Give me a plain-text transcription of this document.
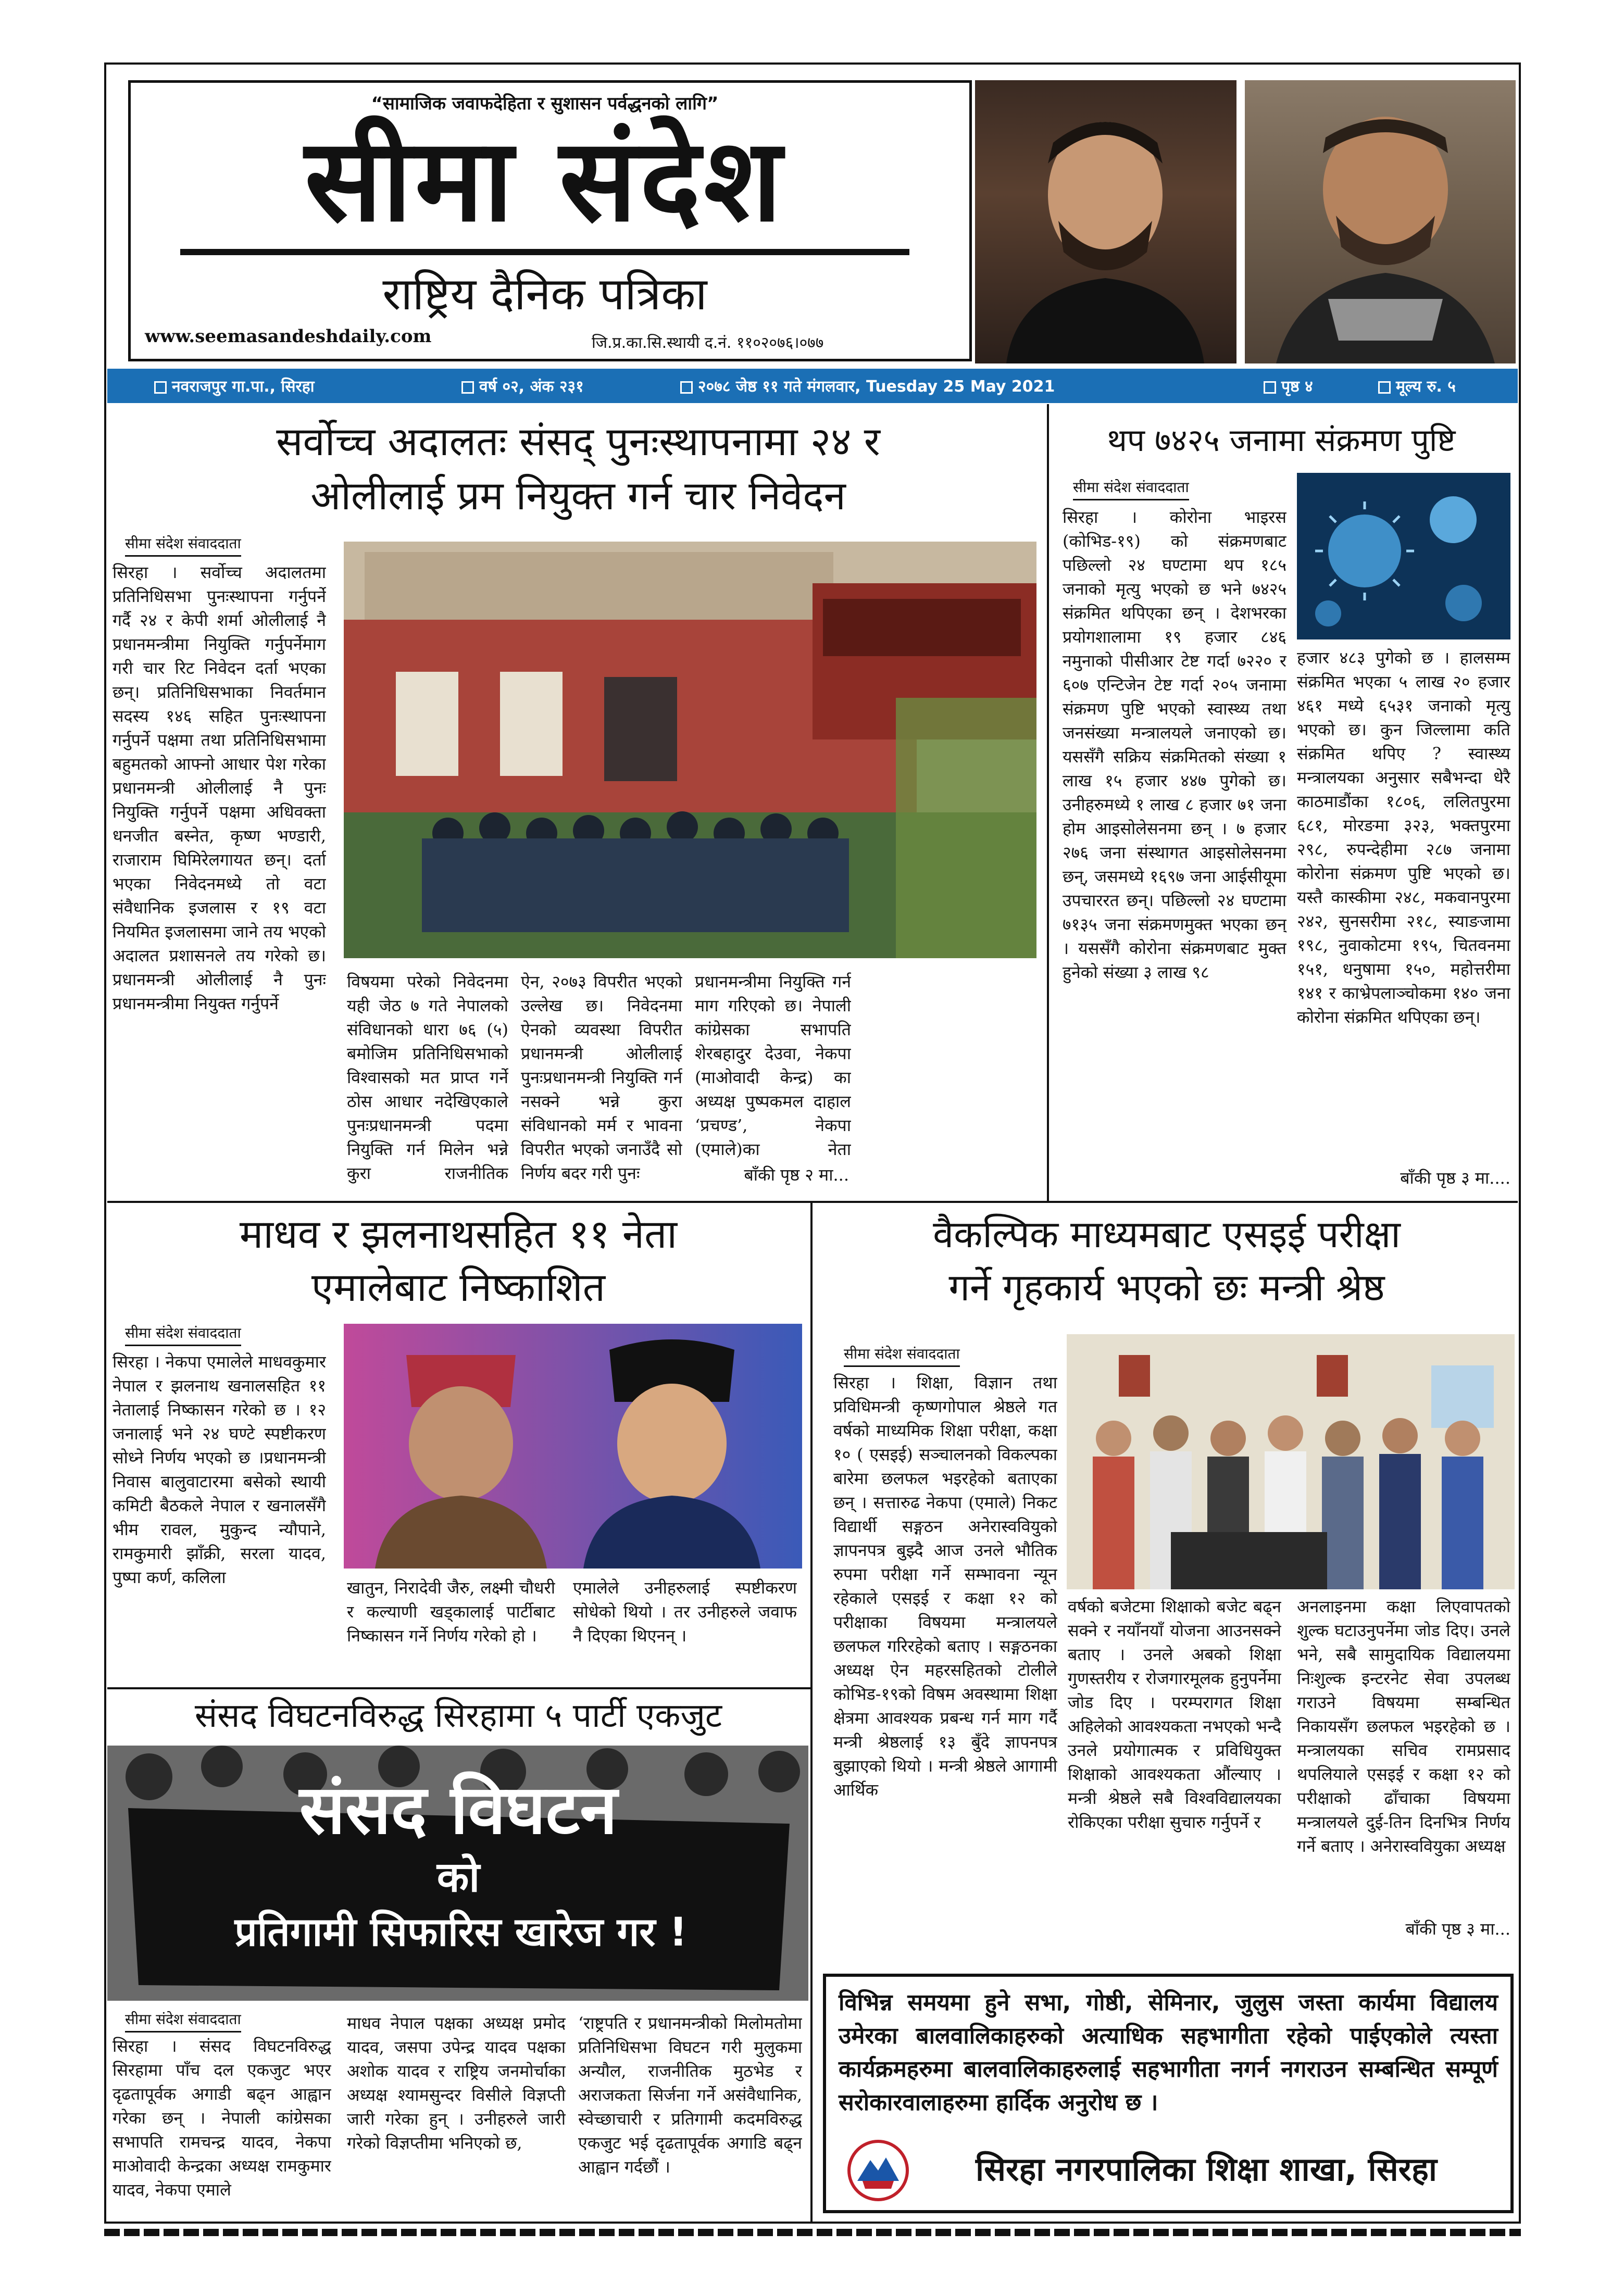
“सामाजिक जवाफदेहिता र सुशासन पर्वद्धनको लागि”
सीमा संदेश
राष्ट्रिय दैनिक पत्रिका
www.seemasandeshdaily.com	जि.प्र.का.सि.स्थायी द.नं. ११०२०७६।०७७
नवराजपुर गा.पा., सिरहा	वर्ष ०२, अंक २३१	२०७८ जेष्ठ ११ गते मंगलवार, Tuesday 25 May 2021	पृष्ठ ४	मूल्य रु. ५
सर्वोच्च अदालतः संसद् पुनःस्थापनामा २४ र
ओलीलाई प्रम नियुक्त गर्न चार निवेदन
सीमा संदेश संवाददाता
सिरहा । सर्वोच्च अदालतमा प्रतिनिधिसभा पुनःस्थापना गर्नुपर्ने गर्दै २४ र केपी शर्मा ओलीलाई नै प्रधानमन्त्रीमा नियुक्ति गर्नुपर्नेमाग गरी चार रिट निवेदन दर्ता भएका छन्। प्रतिनिधिसभाका निवर्तमान सदस्य १४६ सहित पुनःस्थापना गर्नुपर्ने पक्षमा तथा प्रतिनिधिसभामा बहुमतको आफ्नो आधार पेश गरेका प्रधानमन्त्री ओलीलाई नै पुनः नियुक्ति गर्नुपर्ने पक्षमा अधिवक्ता धनजीत बस्नेत, कृष्ण भण्डारी, राजाराम घिमिरेलगायत छन्। दर्ता भएका निवेदनमध्ये तो वटा संवैधानिक इजलास र १९ वटा नियमित इजलासमा जाने तय भएको अदालत प्रशासनले तय गरेको छ। प्रधानमन्त्री ओलीलाई नै पुनः प्रधानमन्त्रीमा नियुक्त गर्नुपर्ने
विषयमा परेको निवेदनमा यही जेठ ७ गते नेपालको संविधानको धारा ७६ (५) बमोजिम प्रतिनिधिसभाको विश्वासको मत प्राप्त गर्ने ठोस आधार नदेखिएकाले पुनःप्रधानमन्त्री पदमा नियुक्ति गर्न मिलेन भन्ने कुरा राजनीतिक
ऐन, २०७३ विपरीत भएको उल्लेख छ। निवेदनमा ऐनको व्यवस्था विपरीत प्रधानमन्त्री ओलीलाई पुनःप्रधानमन्त्री नियुक्ति गर्न नसक्ने भन्ने कुरा संविधानको मर्म र भावना विपरीत भएको जनाउँदै सो निर्णय बदर गरी पुनः
प्रधानमन्त्रीमा नियुक्ति गर्न माग गरिएको छ। नेपाली कांग्रेसका सभापति शेरबहादुर देउवा, नेकपा (माओवादी केन्द्र) का अध्यक्ष पुष्पकमल दाहाल ‘प्रचण्ड’, नेकपा (एमाले)का नेता
बाँकी पृष्ठ २ मा...
थप ७४२५ जनामा संक्रमण पुष्टि
सीमा संदेश संवाददाता
सिरहा । कोरोना भाइरस (कोभिड-१९) को संक्रमणबाट पछिल्लो २४ घण्टामा थप १८५ जनाको मृत्यु भएको छ भने ७४२५ संक्रमित थपिएका छन् । देशभरका प्रयोगशालामा १९ हजार ८४६ नमुनाको पीसीआर टेष्ट गर्दा ७२२० र ६०७ एन्टिजेन टेष्ट गर्दा २०५ जनामा संक्रमण पुष्टि भएको स्वास्थ्य तथा जनसंख्या मन्त्रालयले जनाएको छ। यससँगै सक्रिय संक्रमितको संख्या १ लाख १५ हजार ४४७ पुगेको छ। उनीहरुमध्ये १ लाख ८ हजार ७१ जना होम आइसोलेसनमा छन् । ७ हजार २७६ जना संस्थागत आइसोलेसनमा छन्, जसमध्ये १६९७ जना आईसीयूमा उपचाररत छन्। पछिल्लो २४ घण्टामा ७१३५ जना संक्रमणमुक्त भएका छन् । यससँगै कोरोना संक्रमणबाट मुक्त हुनेको संख्या ३ लाख ९८
हजार ४८३ पुगेको छ । हालसम्म संक्रमित भएका ५ लाख २० हजार ४६१ मध्ये ६५३१ जनाको मृत्यु भएको छ। कुन जिल्लामा कति संक्रमित थपिए ? स्वास्थ्य मन्त्रालयका अनुसार सबैभन्दा धेरै काठमाडौंका १८०६, ललितपुरमा ६८१, मोरङमा ३२३, भक्तपुरमा २९८, रुपन्देहीमा २८७ जनामा कोरोना संक्रमण पुष्टि भएको छ। यस्तै कास्कीमा २४८, मकवानपुरमा २४२, सुनसरीमा २१८, स्याङजामा १९८, नुवाकोटमा १९५, चितवनमा १५१, धनुषामा १५०, महोत्तरीमा १४१ र काभ्रेपलाञ्चोकमा १४० जना कोरोना संक्रमित थपिएका छन्।
बाँकी पृष्ठ ३ मा....
माधव र झलनाथसहित ११ नेता
एमालेबाट निष्काशित
सीमा संदेश संवाददाता
सिरहा । नेकपा एमालेले माधवकुमार नेपाल र झलनाथ खनालसहित ११ नेतालाई निष्कासन गरेको छ । १२ जनालाई भने २४ घण्टे स्पष्टीकरण सोध्ने निर्णय भएको छ ।प्रधानमन्त्री निवास बालुवाटारमा बसेको स्थायी कमिटी बैठकले नेपाल र खनालसँगै भीम रावल, मुकुन्द न्यौपाने, रामकुमारी झाँक्री, सरला यादव, पुष्पा कर्ण, कलिला
खातुन, निरादेवी जैरु, लक्ष्मी चौधरी र कल्याणी खड्कालाई पार्टीबाट निष्कासन गर्ने निर्णय गरेको हो ।
एमालेले उनीहरुलाई स्पष्टीकरण सोधेको थियो । तर उनीहरुले जवाफ नै दिएका थिएनन् ।
वैकल्पिक माध्यमबाट एसइई परीक्षा
गर्ने गृहकार्य भएको छः मन्त्री श्रेष्ठ
सीमा संदेश संवाददाता
सिरहा । शिक्षा, विज्ञान तथा प्रविधिमन्त्री कृष्णगोपाल श्रेष्ठले गत वर्षको माध्यमिक शिक्षा परीक्षा, कक्षा १० ( एसइई) सञ्चालनको विकल्पका बारेमा छलफल भइरहेको बताएका छन् । सत्तारुढ नेकपा (एमाले) निकट विद्यार्थी सङ्गठन अनेरास्ववियुको ज्ञापनपत्र बुझ्दै आज उनले भौतिक रुपमा परीक्षा गर्ने सम्भावना न्यून रहेकाले एसइई र कक्षा १२ को परीक्षाका विषयमा मन्त्रालयले छलफल गरिरहेको बताए । सङ्गठनका अध्यक्ष ऐन महरसहितको टोलीले कोभिड-१९को विषम अवस्थामा शिक्षा क्षेत्रमा आवश्यक प्रबन्ध गर्न माग गर्दै मन्त्री श्रेष्ठलाई १३ बुँदे ज्ञापनपत्र बुझाएको थियो । मन्त्री श्रेष्ठले आगामी आर्थिक
वर्षको बजेटमा शिक्षाको बजेट बढ्न सक्ने र नयाँनयाँ योजना आउनसक्ने बताए । उनले अबको शिक्षा गुणस्तरीय र रोजगारमूलक हुनुपर्नेमा जोड दिए । परम्परागत शिक्षा अहिलेको आवश्यकता नभएको भन्दै उनले प्रयोगात्मक र प्रविधियुक्त शिक्षाको आवश्यकता औंल्याए । मन्त्री श्रेष्ठले सबै विश्वविद्यालयका रोकिएका परीक्षा सुचारु गर्नुपर्ने र
अनलाइनमा कक्षा लिएवापतको शुल्क घटाउनुपर्नेमा जोड दिए। उनले भने, सबै सामुदायिक विद्यालयमा निःशुल्क इन्टरनेट सेवा उपलब्ध गराउने विषयमा सम्बन्धित निकायसँग छलफल भइरहेको छ । मन्त्रालयका सचिव रामप्रसाद थपलियाले एसइई र कक्षा १२ को परीक्षाको ढाँचाका विषयमा मन्त्रालयले दुई-तिन दिनभित्र निर्णय गर्ने बताए । अनेरास्ववियुका अध्यक्ष
बाँकी पृष्ठ ३ मा...
संसद विघटनविरुद्ध सिरहामा ५ पार्टी एकजुट
संसद विघटन
को
प्रतिगामी सिफारिस खारेज गर !
सीमा संदेश संवाददाता
सिरहा । संसद विघटनविरुद्ध सिरहामा पाँच दल एकजुट भएर दृढतापूर्वक अगाडी बढ्न आह्वान गरेका छन् । नेपाली कांग्रेसका सभापति रामचन्द्र यादव, नेकपा माओवादी केन्द्रका अध्यक्ष रामकुमार यादव, नेकपा एमाले
माधव नेपाल पक्षका अध्यक्ष प्रमोद यादव, जसपा उपेन्द्र यादव पक्षका अशोक यादव र राष्ट्रिय जनमोर्चाका अध्यक्ष श्यामसुन्दर विसीले विज्ञप्ती जारी गरेका हुन् । उनीहरुले जारी गरेको विज्ञप्तीमा भनिएको छ,
‘राष्ट्रपति र प्रधानमन्त्रीको मिलोमतोमा प्रतिनिधिसभा विघटन गरी मुलुकमा अन्यौल, राजनीतिक मुठभेड र अराजकता सिर्जना गर्ने असंवैधानिक, स्वेच्छाचारी र प्रतिगामी कदमविरुद्ध एकजुट भई दृढतापूर्वक अगाडि बढ्न आह्वान गर्दछौं ।
विभिन्न समयमा हुने सभा, गोष्ठी, सेमिनार, जुलुस जस्ता कार्यमा विद्यालय उमेरका बालवालिकाहरुको अत्याधिक सहभागीता रहेको पाईएकोले त्यस्ता कार्यक्रमहरुमा बालवालिकाहरुलाई सहभागीता नगर्न नगराउन सम्बन्धित सम्पूर्ण सरोकारवालाहरुमा हार्दिक अनुरोध छ ।
सिरहा नगरपालिका शिक्षा शाखा, सिरहा
